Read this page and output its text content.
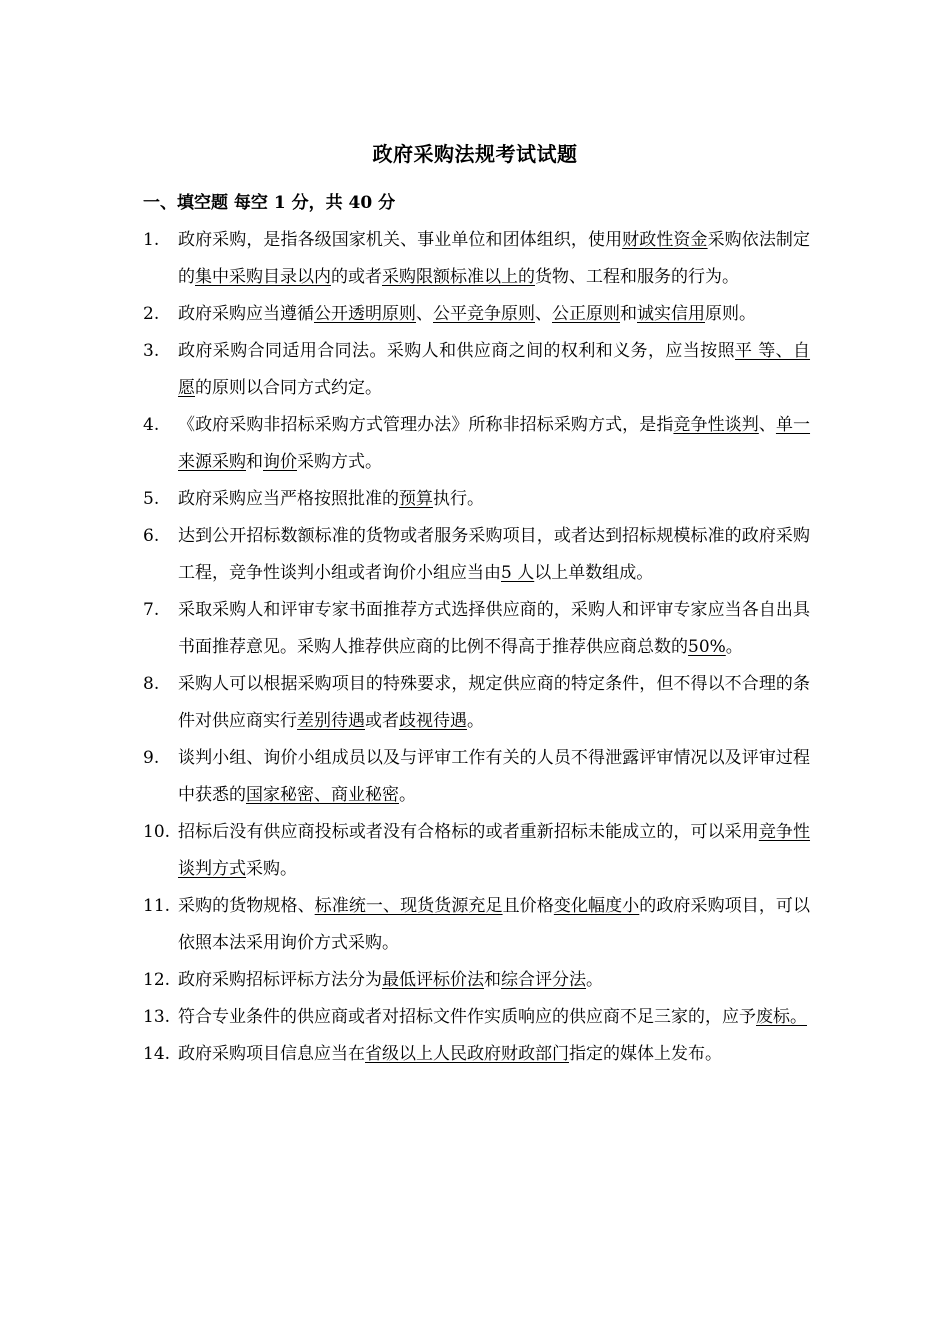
政府采购法规考试试题
一、填空题 每空 1 分，共 40 分
1. 政府采购，是指各级国家机关、事业单位和团体组织，使用财政性资金采购依法制定的集中采购目录以内的或者采购限额标准以上的货物、工程和服务的行为。
2. 政府采购应当遵循公开透明原则、公平竞争原则、公正原则和诚实信用原则。
3. 政府采购合同适用合同法。采购人和供应商之间的权利和义务，应当按照平 等、自愿的原则以合同方式约定。
4. 《政府采购非招标采购方式管理办法》所称非招标采购方式，是指竞争性谈判、单一来源采购和询价采购方式。
5. 政府采购应当严格按照批准的预算执行。
6. 达到公开招标数额标准的货物或者服务采购项目，或者达到招标规模标准的政府采购工程，竞争性谈判小组或者询价小组应当由5 人以上单数组成。
7. 采取采购人和评审专家书面推荐方式选择供应商的，采购人和评审专家应当各自出具书面推荐意见。采购人推荐供应商的比例不得高于推荐供应商总数的50%。
8. 采购人可以根据采购项目的特殊要求，规定供应商的特定条件，但不得以不合理的条件对供应商实行差别待遇或者歧视待遇。
9. 谈判小组、询价小组成员以及与评审工作有关的人员不得泄露评审情况以及评审过程中获悉的国家秘密、商业秘密。
10. 招标后没有供应商投标或者没有合格标的或者重新招标未能成立的，可以采用竞争性谈判方式采购。
11. 采购的货物规格、标准统一、现货货源充足且价格变化幅度小的政府采购项目，可以依照本法采用询价方式采购。
12. 政府采购招标评标方法分为最低评标价法和综合评分法。
13. 符合专业条件的供应商或者对招标文件作实质响应的供应商不足三家的，应予废标。
14. 政府采购项目信息应当在省级以上人民政府财政部门指定的媒体上发布。
